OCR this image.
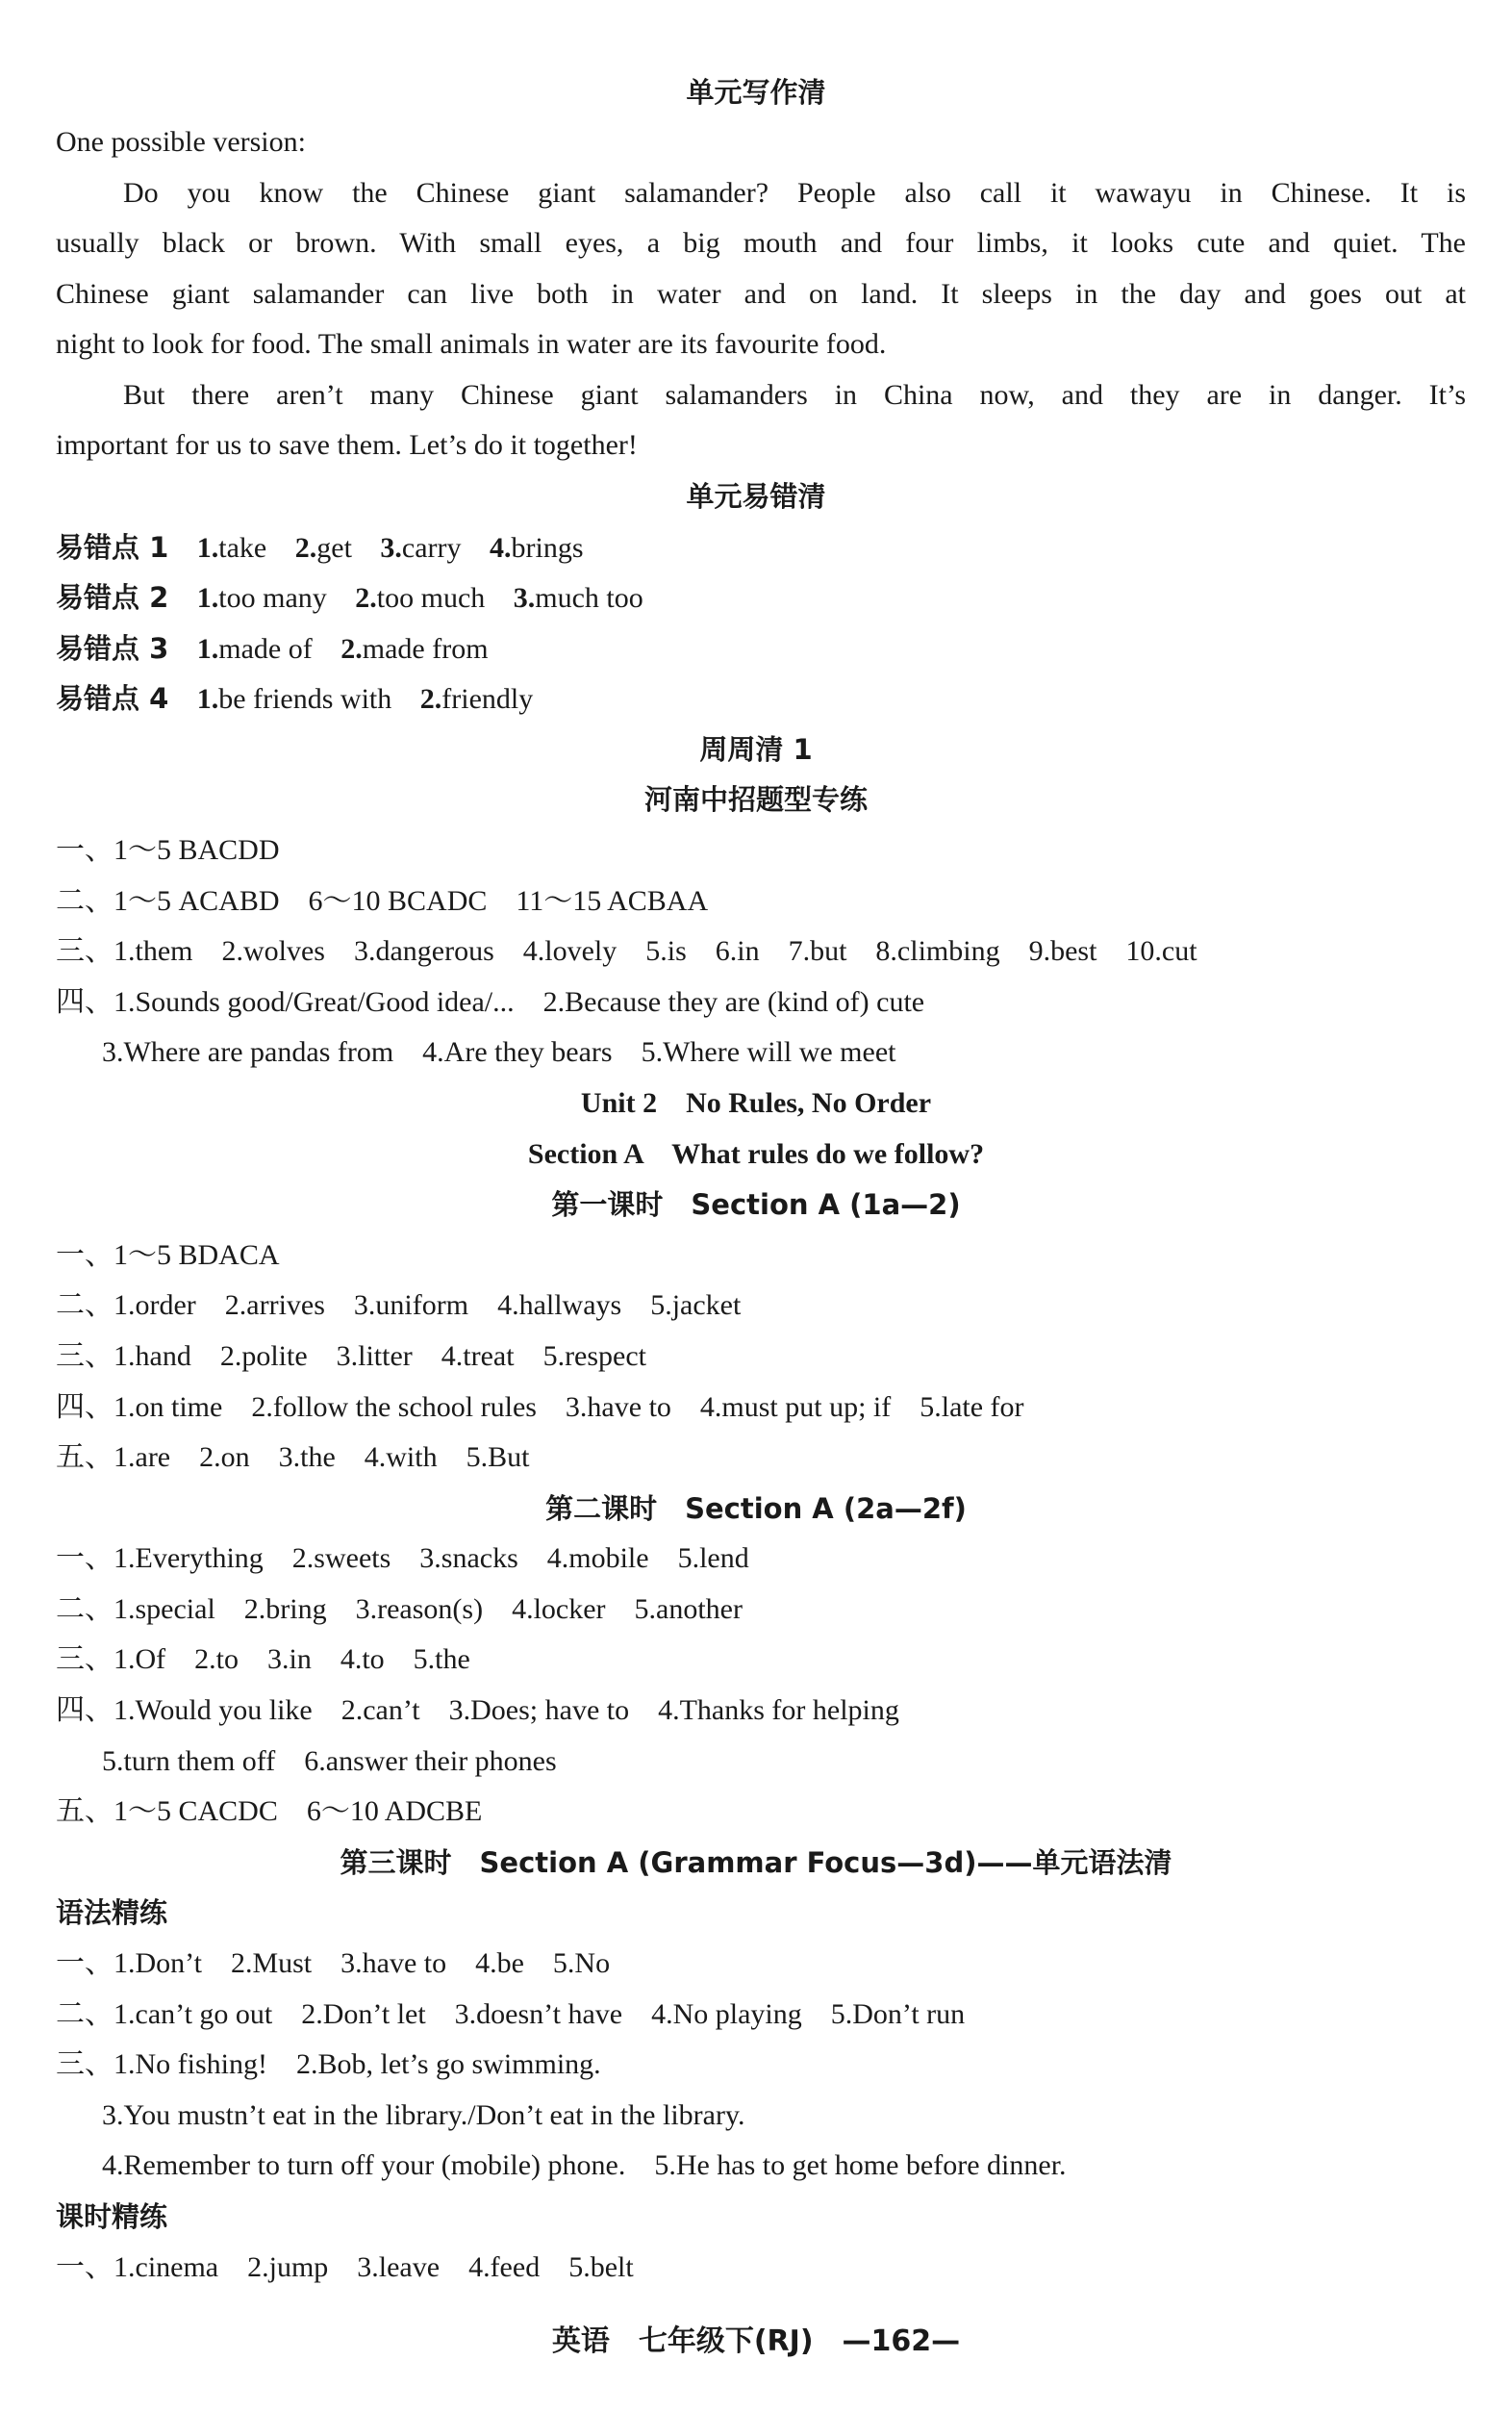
单元写作清
One possible version:
Do you know the Chinese giant salamander? People also call it wawayu in Chinese. It is
usually black or brown. With small eyes, a big mouth and four limbs, it looks cute and quiet. The
Chinese giant salamander can live both in water and on land. It sleeps in the day and goes out at
night to look for food. The small animals in water are its favourite food.
But there aren’t many Chinese giant salamanders in China now, and they are in danger. It’s
important for us to save them. Let’s do it together!
单元易错清
易错点 1 1.take 2.get 3.carry 4.brings
易错点 2 1.too many 2.too much 3.much too
易错点 3 1.made of 2.made from
易错点 4 1.be friends with 2.friendly
周周清 1
河南中招题型专练
一、1～5 BACDD
二、1～5 ACABD　6～10 BCADC　11～15 ACBAA
三、1.them　2.wolves　3.dangerous　4.lovely　5.is　6.in　7.but　8.climbing　9.best　10.cut
四、1.Sounds good/Great/Good idea/...　2.Because they are (kind of) cute
3.Where are pandas from　4.Are they bears　5.Where will we meet
Unit 2　No Rules, No Order
Section A　What rules do we follow?
第一课时　Section A (1a—2)
一、1～5 BDACA
二、1.order　2.arrives　3.uniform　4.hallways　5.jacket
三、1.hand　2.polite　3.litter　4.treat　5.respect
四、1.on time　2.follow the school rules　3.have to　4.must put up; if　5.late for
五、1.are　2.on　3.the　4.with　5.But
第二课时　Section A (2a—2f)
一、1.Everything　2.sweets　3.snacks　4.mobile　5.lend
二、1.special　2.bring　3.reason(s)　4.locker　5.another
三、1.Of　2.to　3.in　4.to　5.the
四、1.Would you like　2.can’t　3.Does; have to　4.Thanks for helping
5.turn them off　6.answer their phones
五、1～5 CACDC　6～10 ADCBE
第三课时　Section A (Grammar Focus—3d)——单元语法清
语法精练
一、1.Don’t　2.Must　3.have to　4.be　5.No
二、1.can’t go out　2.Don’t let　3.doesn’t have　4.No playing　5.Don’t run
三、1.No fishing!　2.Bob, let’s go swimming.
3.You mustn’t eat in the library./Don’t eat in the library.
4.Remember to turn off your (mobile) phone.　5.He has to get home before dinner.
课时精练
一、1.cinema　2.jump　3.leave　4.feed　5.belt
英语　七年级下(RJ)　—162—
